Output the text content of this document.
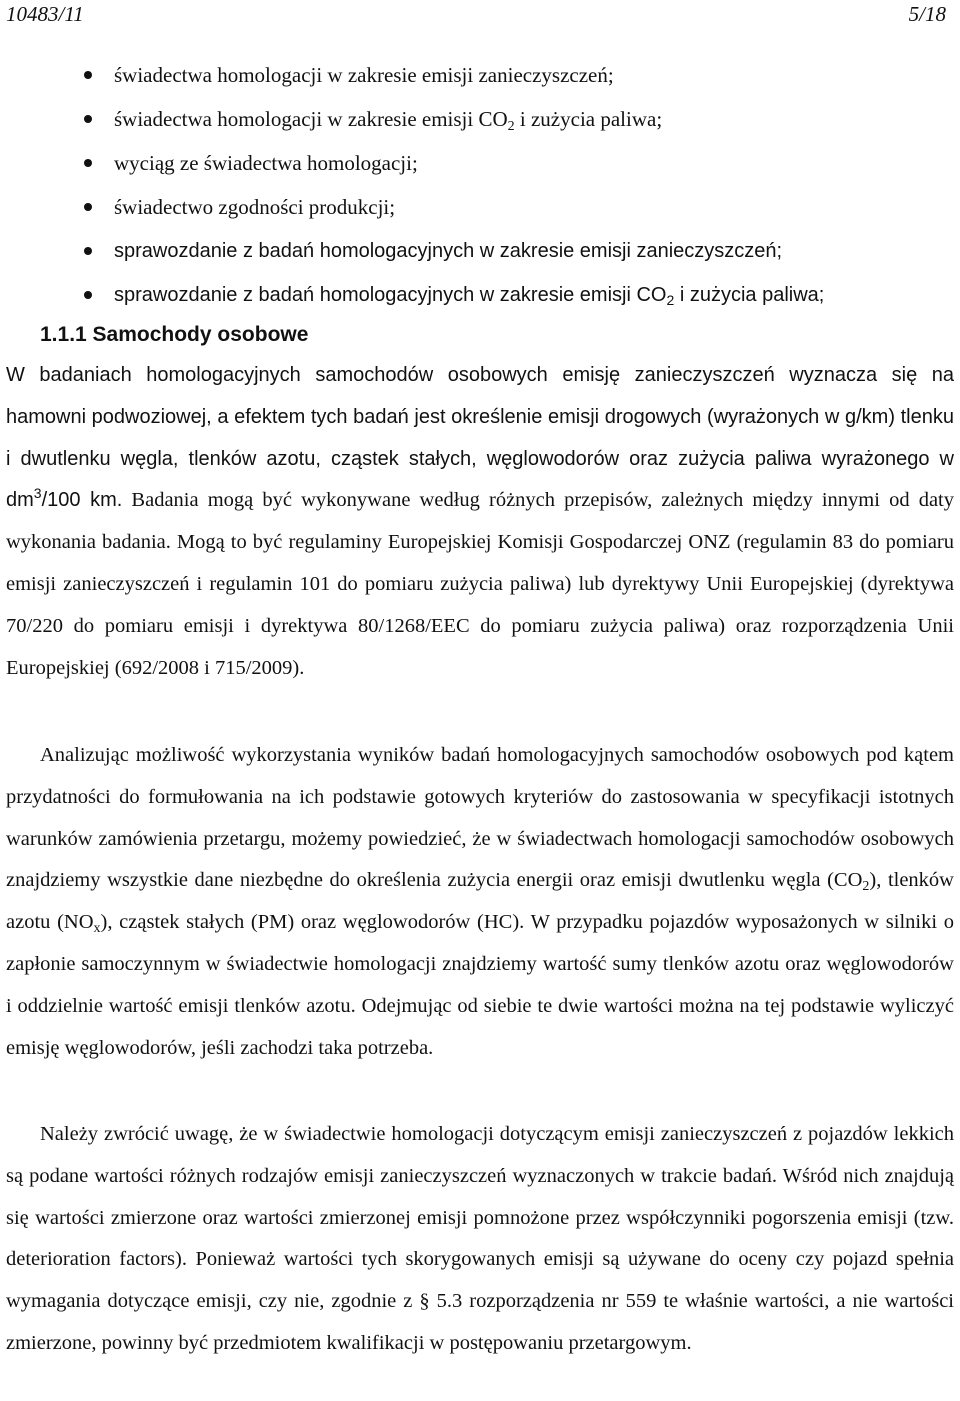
10483/11	5/18
świadectwa homologacji w zakresie emisji zanieczyszczeń;
świadectwa homologacji w zakresie emisji $CO_2$ i zużycia paliwa;
wyciąg ze świadectwa homologacji;
świadectwo zgodności produkcji;
sprawozdanie z badań homologacyjnych w zakresie emisji zanieczyszczeń;
sprawozdanie z badań homologacyjnych w zakresie emisji $CO_2$ i zużycia paliwa;
1.1.1 Samochody osobowe

W badaniach homologacyjnych samochodów osobowych emisję zanieczyszczeń wyznacza się na hamowni podwoziowej, a efektem tych badań jest określenie emisji drogowych (wyrażonych w g/km) tlenku i dwutlenku węgla, tlenków azotu, cząstek stałych, węglowodorów oraz zużycia paliwa wyrażonego w $dm^3/100$ km. Badania mogą być wykonywane według różnych przepisów, zależnych między innymi od daty wykonania badania. Mogą to być regulaminy Europejskiej Komisji Gospodarczej ONZ (regulamin 83 do pomiaru emisji zanieczyszczeń i regulamin 101 do pomiaru zużycia paliwa) lub dyrektywy Unii Europejskiej (dyrektywa 70/220 do pomiaru emisji i dyrektywa 80/1268/EEC do pomiaru zużycia paliwa) oraz rozporządzenia Unii Europejskiej (692/2008 i 715/2009).

Analizując możliwość wykorzystania wyników badań homologacyjnych samochodów osobowych pod kątem przydatności do formułowania na ich podstawie gotowych kryteriów do zastosowania w specyfikacji istotnych warunków zamówienia przetargu, możemy powiedzieć, że w świadectwach homologacji samochodów osobowych znajdziemy wszystkie dane niezbędne do określenia zużycia energii oraz emisji dwutlenku węgla $(CO_2)$, tlenków azotu $(NO_x)$, cząstek stałych (PM) oraz węglowodorów (HC). W przypadku pojazdów wyposażonych w silniki o zapłonie samoczynnym w świadectwie homologacji znajdziemy wartość sumy tlenków azotu oraz węglowodorów i oddzielnie wartość emisji tlenków azotu. Odejmując od siebie te dwie wartości można na tej podstawie wyliczyć emisję węglowodorów, jeśli zachodzi taka potrzeba.

Należy zwrócić uwagę, że w świadectwie homologacji dotyczącym emisji zanieczyszczeń z pojazdów lekkich są podane wartości różnych rodzajów emisji zanieczyszczeń wyznaczonych w trakcie badań. Wśród nich znajdują się wartości zmierzone oraz wartości zmierzonej emisji pomnożone przez współczynniki pogorszenia emisji (tzw. deterioration factors). Ponieważ wartości tych skorygowanych emisji są używane do oceny czy pojazd spełnia wymagania dotyczące emisji, czy nie, zgodnie z § 5.3 rozporządzenia nr 559 te właśnie wartości, a nie wartości zmierzone, powinny być przedmiotem kwalifikacji w postępowaniu przetargowym.
